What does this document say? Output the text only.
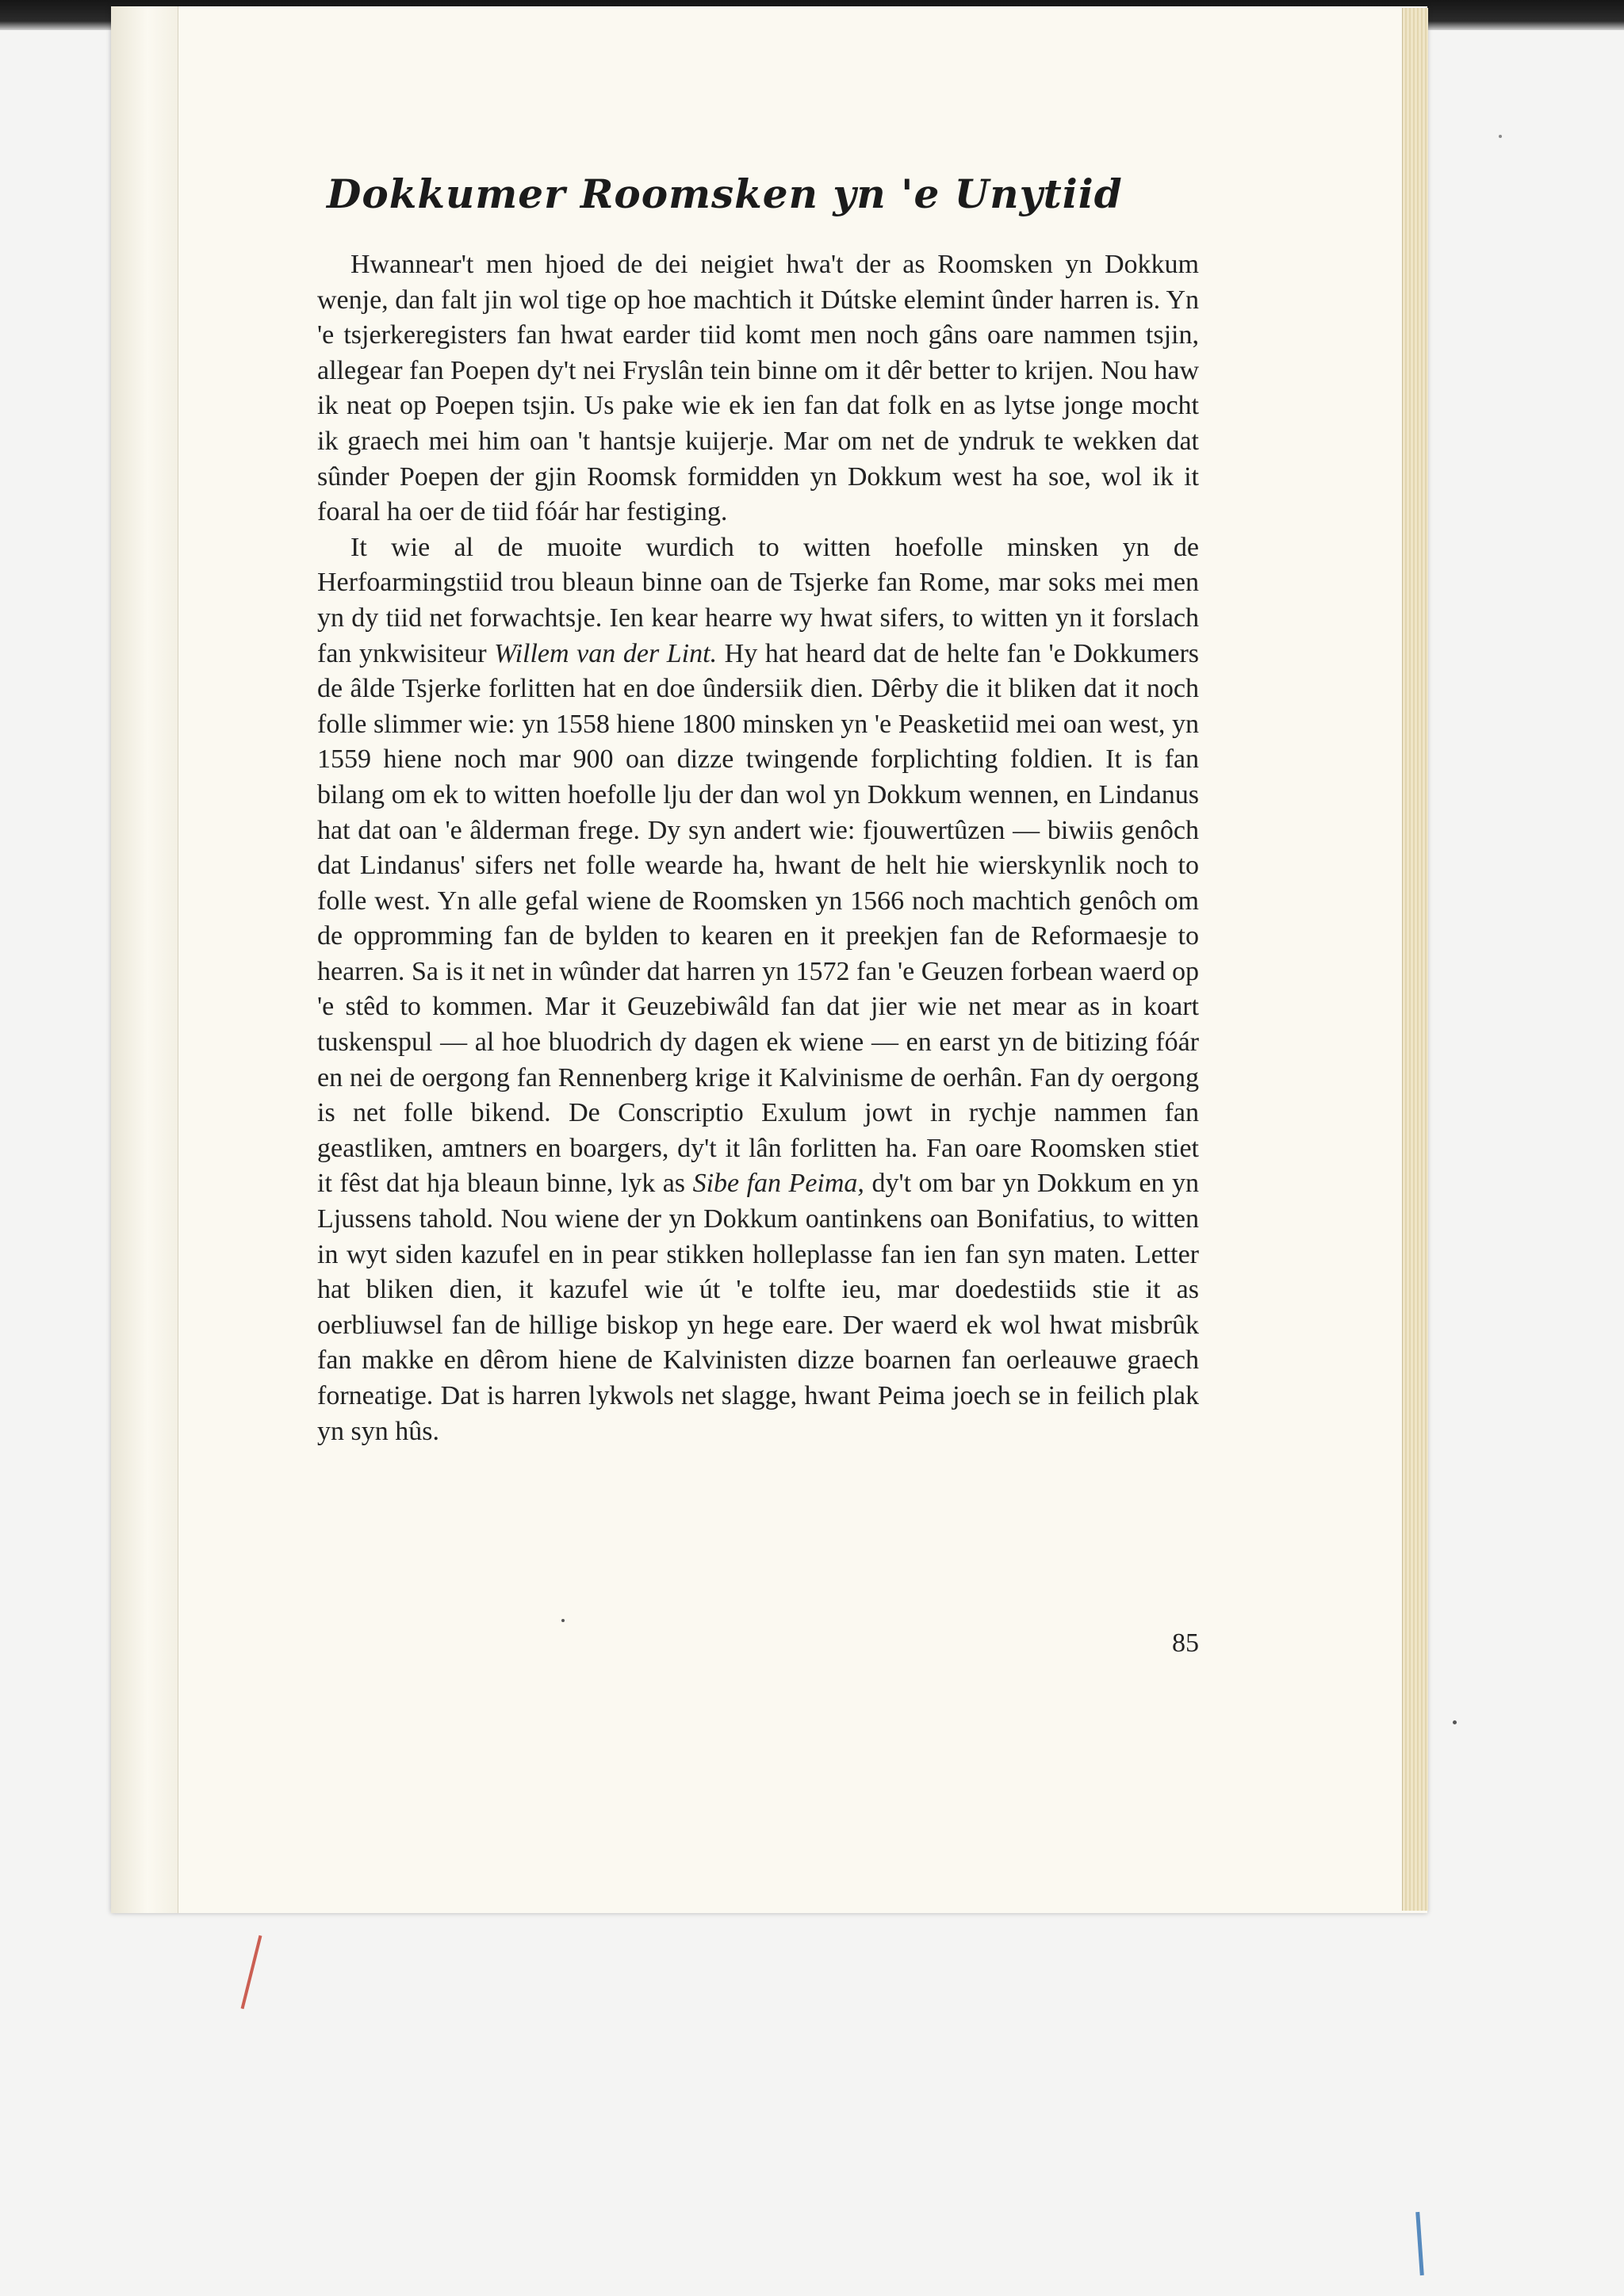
Dokkumer Roomsken yn 'e Unytiid

Hwannear't men hjoed de dei neigiet hwa't der as Roomsken yn Dokkum wenje, dan falt jin wol tige op hoe machtich it Dútske elemint ûnder harren is. Yn 'e tsjerkeregisters fan hwat earder tiid komt men noch gâns oare nammen tsjin, allegear fan Poepen dy't nei Fryslân tein binne om it dêr better to krijen. Nou haw ik neat op Poepen tsjin. Us pake wie ek ien fan dat folk en as lytse jonge mocht ik graech mei him oan 't hantsje kuijerje. Mar om net de yndruk te wekken dat sûnder Poepen der gjin Roomsk formidden yn Dokkum west ha soe, wol ik it foaral ha oer de tiid fóár har festiging.

It wie al de muoite wurdich to witten hoefolle minsken yn de Herfoarmingstiid trou bleaun binne oan de Tsjerke fan Rome, mar soks mei men yn dy tiid net forwachtsje. Ien kear hearre wy hwat sifers, to witten yn it forslach fan ynkwisiteur Willem van der Lint. Hy hat heard dat de helte fan 'e Dokkumers de âlde Tsjerke forlitten hat en doe ûndersiik dien. Dêrby die it bliken dat it noch folle slimmer wie: yn 1558 hiene 1800 minsken yn 'e Peasketiid mei oan west, yn 1559 hiene noch mar 900 oan dizze twingende forplichting foldien. It is fan bilang om ek to witten hoefolle lju der dan wol yn Dokkum wennen, en Lindanus hat dat oan 'e âlderman frege. Dy syn andert wie: fjouwertûzen — biwiis genôch dat Lindanus' sifers net folle wearde ha, hwant de helt hie wierskynlik noch to folle west. Yn alle gefal wiene de Roomsken yn 1566 noch machtich genôch om de oppromming fan de bylden to kearen en it preekjen fan de Reformaesje to hearren. Sa is it net in wûnder dat harren yn 1572 fan 'e Geuzen forbean waerd op 'e stêd to kommen. Mar it Geuzebiwâld fan dat jier wie net mear as in koart tuskenspul — al hoe bluodrich dy dagen ek wiene — en earst yn de bitizing fóár en nei de oergong fan Rennenberg krige it Kalvinisme de oerhân. Fan dy oergong is net folle bikend. De Conscriptio Exulum jowt in rychje nammen fan geastliken, amtners en boargers, dy't it lân forlitten ha. Fan oare Roomsken stiet it fêst dat hja bleaun binne, lyk as Sibe fan Peima, dy't om bar yn Dokkum en yn Ljussens tahold. Nou wiene der yn Dokkum oantinkens oan Bonifatius, to witten in wyt siden kazufel en in pear stikken holleplasse fan ien fan syn maten. Letter hat bliken dien, it kazufel wie út 'e tolfte ieu, mar doedestiids stie it as oerbliuwsel fan de hillige biskop yn hege eare. Der waerd ek wol hwat misbrûk fan makke en dêrom hiene de Kalvinisten dizze boarnen fan oerleauwe graech forneatige. Dat is harren lykwols net slagge, hwant Peima joech se in feilich plak yn syn hûs.

85
